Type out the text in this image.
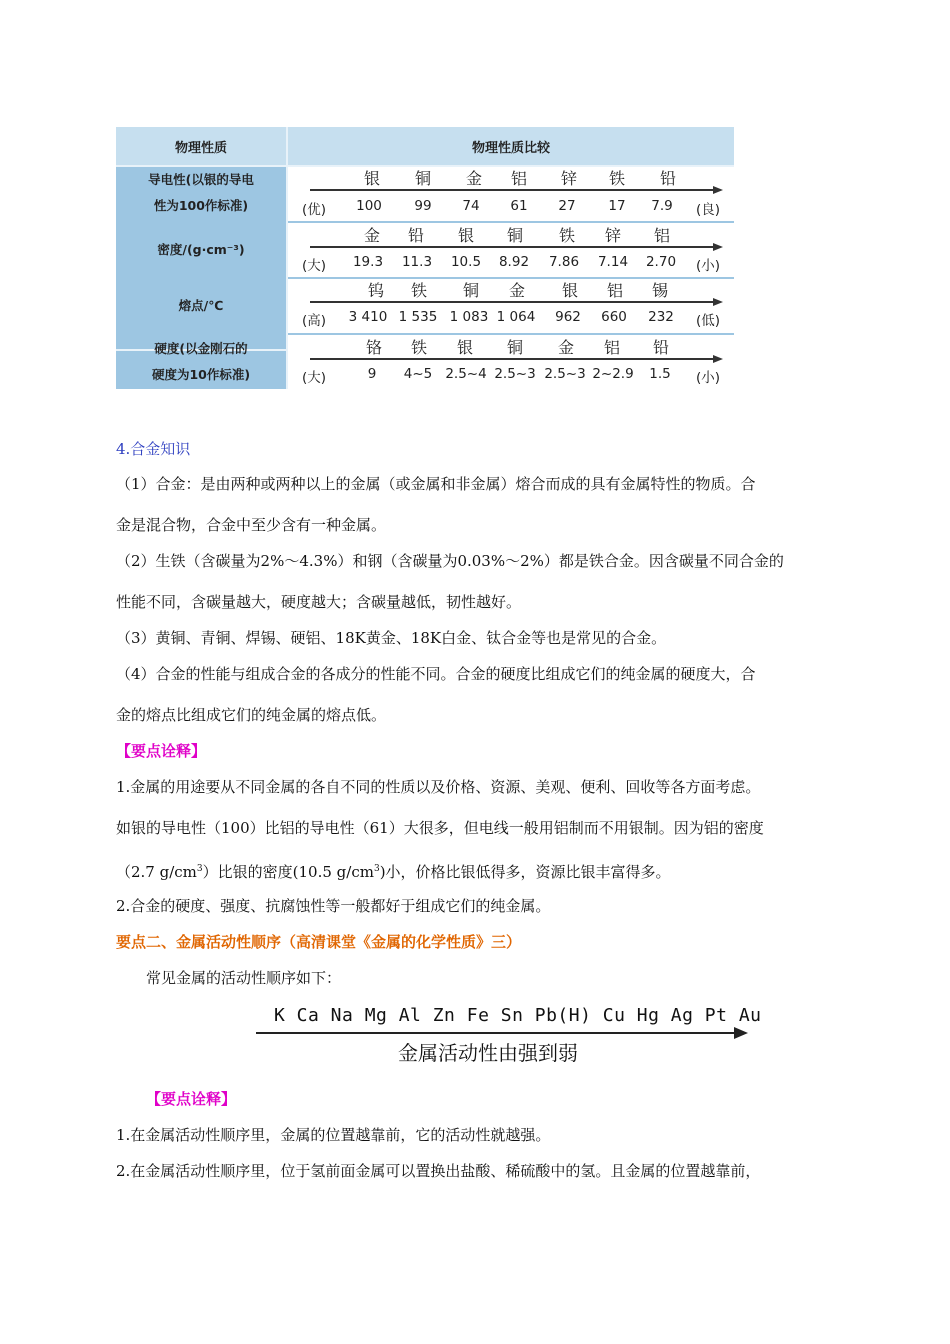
物理性质	物理性质比较
导电性(以银的导电
性为100作标准)
银 铜 金 铝 锌 铁 铅
(优) 100 99 74 61 27 17 7.9 (良)
密度/(g·cm⁻³)
金 铅 银 铜 铁 锌 铝
(大) 19.3 11.3 10.5 8.92 7.86 7.14 2.70 (小)
熔点/℃
钨 铁 铜 金 银 铝 锡
(高) 3 410 1 535 1 083 1 064 962 660 232 (低)
硬度(以金刚石的
硬度为10作标准)
铬 铁 银 铜 金 铝 铅
(大)	9 4~5 2.5~4 2.5~3 2.5~3 2~2.9 1.5 (小)
4.合金知识
（1）合金：是由两种或两种以上的金属（或金属和非金属）熔合而成的具有金属特性的物质。合
金是混合物，合金中至少含有一种金属。
（2）生铁（含碳量为2%～4.3%）和钢（含碳量为0.03%～2%）都是铁合金。因含碳量不同合金的
性能不同，含碳量越大，硬度越大；含碳量越低，韧性越好。
（3）黄铜、青铜、焊锡、硬铝、18K黄金、18K白金、钛合金等也是常见的合金。
（4）合金的性能与组成合金的各成分的性能不同。合金的硬度比组成它们的纯金属的硬度大，合
金的熔点比组成它们的纯金属的熔点低。
【要点诠释】
1.金属的用途要从不同金属的各自不同的性质以及价格、资源、美观、便利、回收等各方面考虑。
如银的导电性（100）比铝的导电性（61）大很多，但电线一般用铝制而不用银制。因为铝的密度
（2.7 $g/cm^3$）比银的密度(10.5 $g/cm^3$)小，价格比银低得多，资源比银丰富得多。
2.合金的硬度、强度、抗腐蚀性等一般都好于组成它们的纯金属。
要点二、金属活动性顺序（高清课堂《金属的化学性质》三）
常见金属的活动性顺序如下：
K Ca Na Mg Al Zn Fe Sn Pb(H) Cu Hg Ag Pt Au
金属活动性由强到弱
【要点诠释】
1.在金属活动性顺序里，金属的位置越靠前，它的活动性就越强。
2.在金属活动性顺序里，位于氢前面金属可以置换出盐酸、稀硫酸中的氢。且金属的位置越靠前，
